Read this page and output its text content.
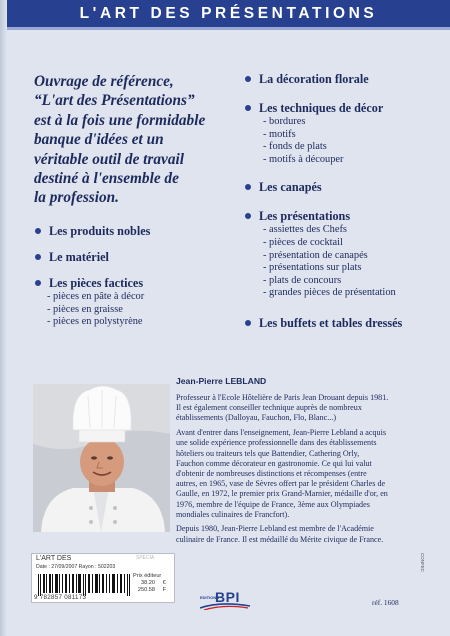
L'ART DES PRÉSENTATIONS
Ouvrage de référence,
“L'art des Présentations”
est à la fois une formidable
banque d'idées et un
véritable outil de travail
destiné à l'ensemble de
la profession.
Les produits nobles
Le matériel
Les pièces factices
- pièces en pâte à décor
- pièces en graisse
- pièces en polystyrène
La décoration florale
Les techniques de décor
- bordures
- motifs
- fonds de plats
- motifs à découper
Les canapés
Les présentations
- assiettes des Chefs
- pièces de cocktail
- présentation de canapés
- présentations sur plats
- plats de concours
- grandes pièces de présentation
Les buffets et tables dressés
Jean-Pierre LEBLAND
Professeur à l'Ecole Hôtelière de Paris Jean Drouant depuis 1981.
Il est également conseiller technique auprès de nombreux
établissements (Dalloyau, Fauchon, Flo, Blanc...)
Avant d'entrer dans l'enseignement, Jean-Pierre Lebland a acquis
une solide expérience professionnelle dans des établissements
hôteliers ou traiteurs tels que Battendier, Cathering Orly,
Fauchon comme décorateur en gastronomie. Ce qui lui valut
d'obtenir de nombreuses distinctions et récompenses (entre
autres, en 1965, vase de Sèvres offert par le président Charles de
Gaulle, en 1972, le premier prix Grand-Marnier, médaille d'or, en
1976, membre de l'équipe de France, 3ème aux Olympiades
mondiales culinaires de Francfort).
Depuis 1980, Jean-Pierre Lebland est membre de l'Académie
culinaire de France. Il est médaillé du Mérite civique de France.
L'ART DES	SPECIA
Date : 27/09/2007 Rayon : 502203
9 782857 081173
Prix éditeur
38.20 €
250.58 F
EDITIONS
BPI	réf. 1608
CONFEC
